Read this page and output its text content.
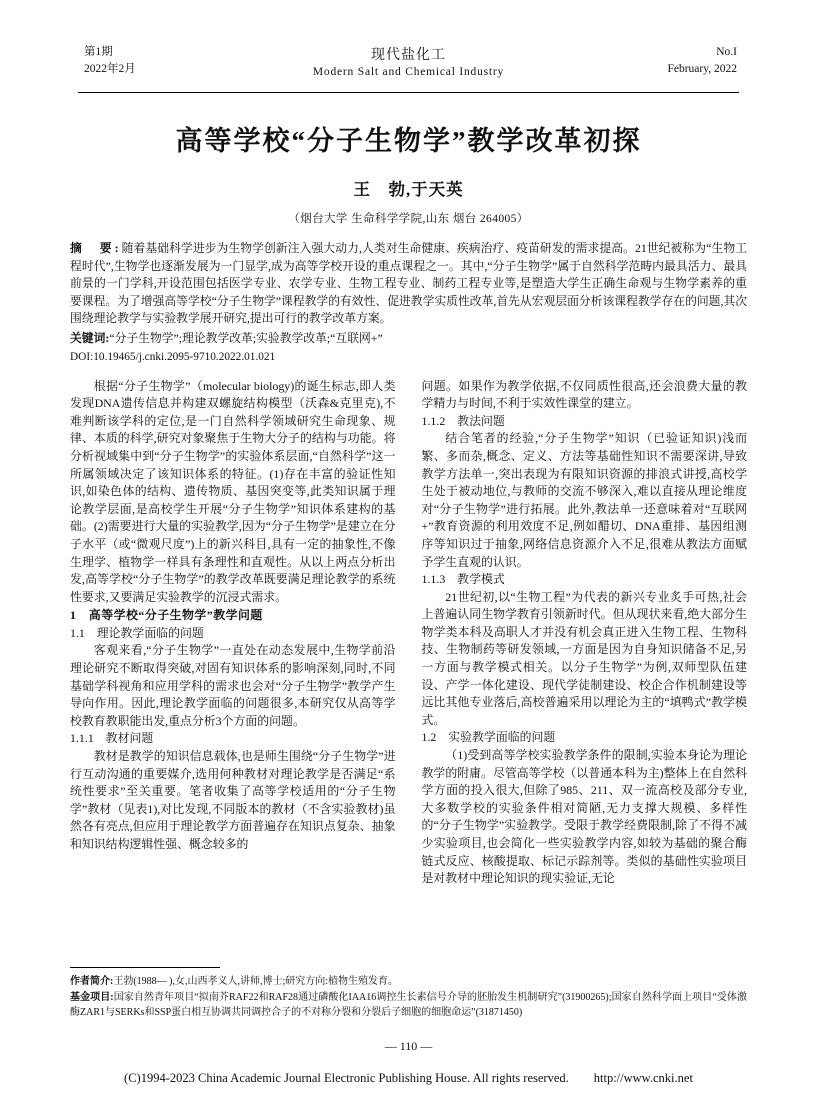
第1期
2022年2月
现代盐化工
Modern Salt and Chemical Industry
No.I
February, 2022
高等学校“分子生物学”教学改革初探
王　勃,于天英
（烟台大学 生命科学学院,山东 烟台 264005）
摘　要:随着基础科学进步为生物学创新注入强大动力,人类对生命健康、疾病治疗、疫苗研发的需求提高。21世纪被称为“生物工程时代”,生物学也逐渐发展为一门显学,成为高等学校开设的重点课程之一。其中,“分子生物学”属于自然科学范畴内最具活力、最具前景的一门学科,开设范围包括医学专业、农学专业、生物工程专业、制药工程专业等,是塑造大学生正确生命观与生物学素养的重要课程。为了增强高等学校“分子生物学”课程教学的有效性、促进教学实质性改革,首先从宏观层面分析该课程教学存在的问题,其次围绕理论教学与实验教学展开研究,提出可行的教学改革方案。
关键词:“分子生物学”;理论教学改革;实验教学改革;“互联网+”
DOI:10.19465/j.cnki.2095-9710.2022.01.021

根据“分子生物学”（molecular biology)的诞生标志,即人类发现DNA遗传信息并构建双螺旋结构模型（沃森&克里克),不难判断该学科的定位,是一门自然科学领域研究生命现象、规律、本质的科学,研究对象聚焦于生物大分子的结构与功能。将分析视域集中到“分子生物学”的实验体系层面,“自然科学”这一所属领域决定了该知识体系的特征。(1)存在丰富的验证性知识,如染色体的结构、遗传物质、基因突变等,此类知识属于理论教学层面,是高校学生开展“分子生物学”知识体系建构的基础。(2)需要进行大量的实验教学,因为“分子生物学”是建立在分子水平（或“微观尺度”)上的新兴科目,具有一定的抽象性,不像生理学、植物学一样具有条理性和直观性。从以上两点分析出发,高等学校“分子生物学”的教学改革既要满足理论教学的系统性要求,又要满足实验教学的沉浸式需求。

1　高等学校“分子生物学”教学问题

1.1　理论教学面临的问题

客观来看,“分子生物学”一直处在动态发展中,生物学前沿理论研究不断取得突破,对固有知识体系的影响深刻,同时,不同基础学科视角和应用学科的需求也会对“分子生物学”教学产生导向作用。因此,理论教学面临的问题很多,本研究仅从高等学校教育教职能出发,重点分析3个方面的问题。

1.1.1　教材问题

教材是教学的知识信息载体,也是师生围绕“分子生物学”进行互动沟通的重要媒介,选用何种教材对理论教学是否满足“系统性要求”至关重要。笔者收集了高等学校适用的“分子生物学”教材（见表1),对比发现,不同版本的教材（不含实验教材)虽然各有亮点,但应用于理论教学方面普遍存在知识点复杂、抽象和知识结构逻辑性强、概念较多的

问题。如果作为教学依据,不仅同质性很高,还会浪费大量的教学精力与时间,不利于实效性课堂的建立。

1.1.2　教法问题

结合笔者的经验,“分子生物学”知识（已验证知识)浅而繁、多而杂,概念、定义、方法等基础性知识不需要深讲,导致教学方法单一,突出表现为有限知识资源的排浪式讲授,高校学生处于被动地位,与教师的交流不够深入,难以直接从理论维度对“分子生物学”进行拓展。此外,教法单一还意味着对“互联网+”教育资源的利用效度不足,例如醋切、DNA重排、基因组测序等知识过于抽象,网络信息资源介入不足,很难从教法方面赋予学生直观的认识。

1.1.3　教学模式

21世纪初,以“生物工程”为代表的新兴专业炙手可热,社会上普遍认同生物学教育引领新时代。但从现状来看,绝大部分生物学类本科及高职人才并没有机会真正进入生物工程、生物科技、生物制药等研发领域,一方面是因为自身知识储备不足,另一方面与教学模式相关。以分子生物学”为例,双师型队伍建设、产学一体化建设、现代学徒制建设、校企合作机制建设等远比其他专业落后,高校普遍采用以理论为主的“填鸭式”教学模式。

1.2　实验教学面临的问题

（1)受到高等学校实验教学条件的限制,实验本身论为理论教学的附庸。尽管高等学校（以普通本科为主)整体上在自然科学方面的投入很大,但除了985、211、双一流高校及部分专业,大多数学校的实验条件相对简陋,无力支撑大规模、多样性的“分子生物学”实验教学。受限于教学经费限制,除了不得不减少实验项目,也会简化一些实验教学内容,如较为基础的聚合酶链式反应、核酸提取、标记示踪剂等。类似的基础性实验项目是对教材中理论知识的现实验证,无论

作者简介:王勃(1988— ),女,山西孝义人,讲师,博士;研究方向:植物生殖发育。

基金项目:国家自然青年项目“拟南芥RAF22和RAF28通过磷酸化IAA16调控生长素信号介导的胚胎发生机制研究”(31900265);国家自然科学面上项目“受体激酶ZAR1与SERKs和SSP蛋白相互协调共同调控合子的不对称分裂和分裂后子细胞的细胞命运”(31871450)

— 110 —
(C)1994-2023 China Academic Journal Electronic Publishing House. All rights reserved.　　http://www.cnki.net
